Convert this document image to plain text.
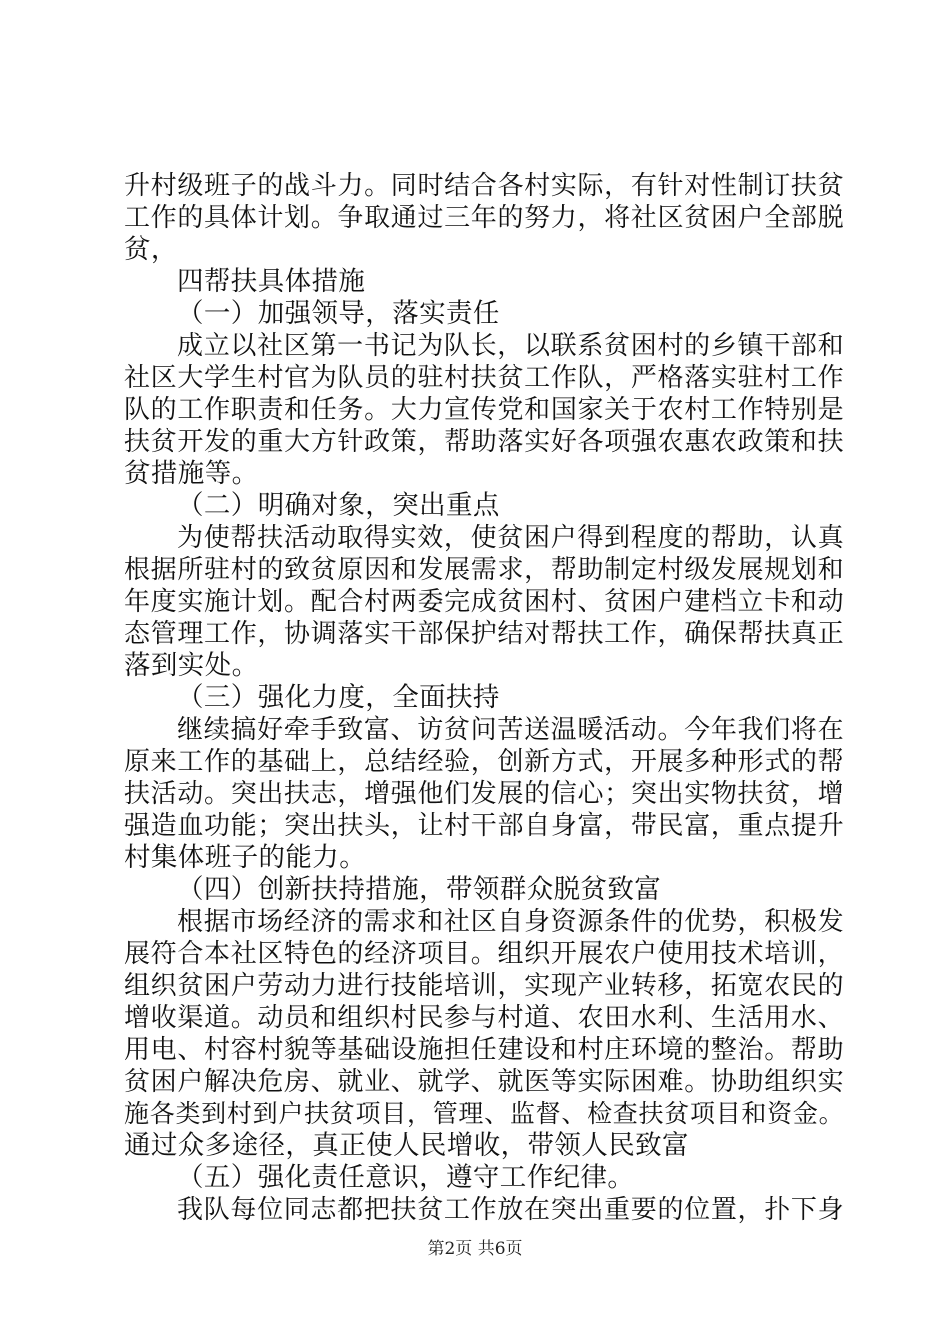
升村级班子的战斗力。同时结合各村实际，有针对性制订扶贫
工作的具体计划。争取通过三年的努力，将社区贫困户全部脱
贫，
四帮扶具体措施
（一）加强领导，落实责任
成立以社区第一书记为队长，以联系贫困村的乡镇干部和
社区大学生村官为队员的驻村扶贫工作队，严格落实驻村工作
队的工作职责和任务。大力宣传党和国家关于农村工作特别是
扶贫开发的重大方针政策，帮助落实好各项强农惠农政策和扶
贫措施等。
（二）明确对象，突出重点
为使帮扶活动取得实效，使贫困户得到程度的帮助，认真
根据所驻村的致贫原因和发展需求，帮助制定村级发展规划和
年度实施计划。配合村两委完成贫困村、贫困户建档立卡和动
态管理工作，协调落实干部保护结对帮扶工作，确保帮扶真正
落到实处。
（三）强化力度，全面扶持
继续搞好牵手致富、访贫问苦送温暖活动。今年我们将在
原来工作的基础上，总结经验，创新方式，开展多种形式的帮
扶活动。突出扶志，增强他们发展的信心；突出实物扶贫，增
强造血功能；突出扶头，让村干部自身富，带民富，重点提升
村集体班子的能力。
（四）创新扶持措施，带领群众脱贫致富
根据市场经济的需求和社区自身资源条件的优势，积极发
展符合本社区特色的经济项目。组织开展农户使用技术培训，
组织贫困户劳动力进行技能培训，实现产业转移，拓宽农民的
增收渠道。动员和组织村民参与村道、农田水利、生活用水、
用电、村容村貌等基础设施担任建设和村庄环境的整治。帮助
贫困户解决危房、就业、就学、就医等实际困难。协助组织实
施各类到村到户扶贫项目，管理、监督、检查扶贫项目和资金。
通过众多途径，真正使人民增收，带领人民致富
（五）强化责任意识，遵守工作纪律。
我队每位同志都把扶贫工作放在突出重要的位置，扑下身
第2页 共6页
